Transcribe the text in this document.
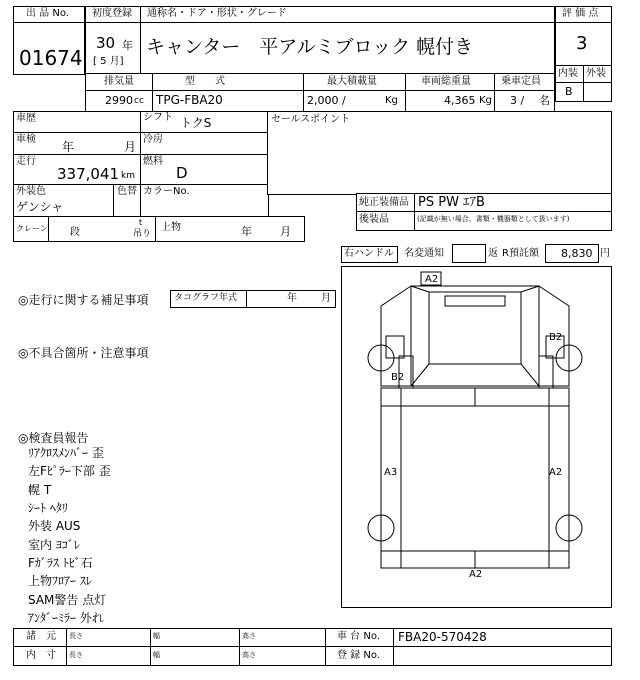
出 品 No.
01674
初度登録 通称名・ドア・形状・グレード
30 年
[ 5 月]
キャンター　平アルミブロック 幌付き
評 価 点
3
内装 外装
B
排気量	型　　式	最大積載量	車両総重量	乗車定員
2990 cc TPG-FBA20	2,000 /	Kg	4,365 Kg 3 / 名
車歴	シフト トクS
車検
年	月
冷房
走行
337,041 km
燃料
D
外装色	色替 カラーNo.
ゲンシャ
セールスポイント
純正装備品 PS PW ｴｱB
後装品	(記載が無い場合、書類・機器類として扱います)
クレーン 段
t
吊り
上物	年	月
右ハンドル 名変通知	返 R預託額 8,830 円
◎走行に関する補足事項	タコグラフ年式	年 月
◎不具合箇所・注意事項
◎検査員報告
ﾘｱｸﾛｽﾒﾝﾊﾞｰ 歪
左Fﾋﾟﾗｰ下部 歪
幌 T
ｼｰﾄ ﾍﾀﾘ
外装 AUS
室内 ﾖｺﾞﾚ
Fｶﾞﾗｽ ﾄﾋﾞ石
上物ﾌﾛｱｰ ｽﾚ
SAM警告 点灯
ｱﾝﾀﾞｰﾐﾗｰ 外れ
A2
B2
B2
A3	A2
A2
諸　元 長さ	幅	高さ	車 台 No. FBA20-570428
内　寸 長さ	幅	高さ	登 録 No.
